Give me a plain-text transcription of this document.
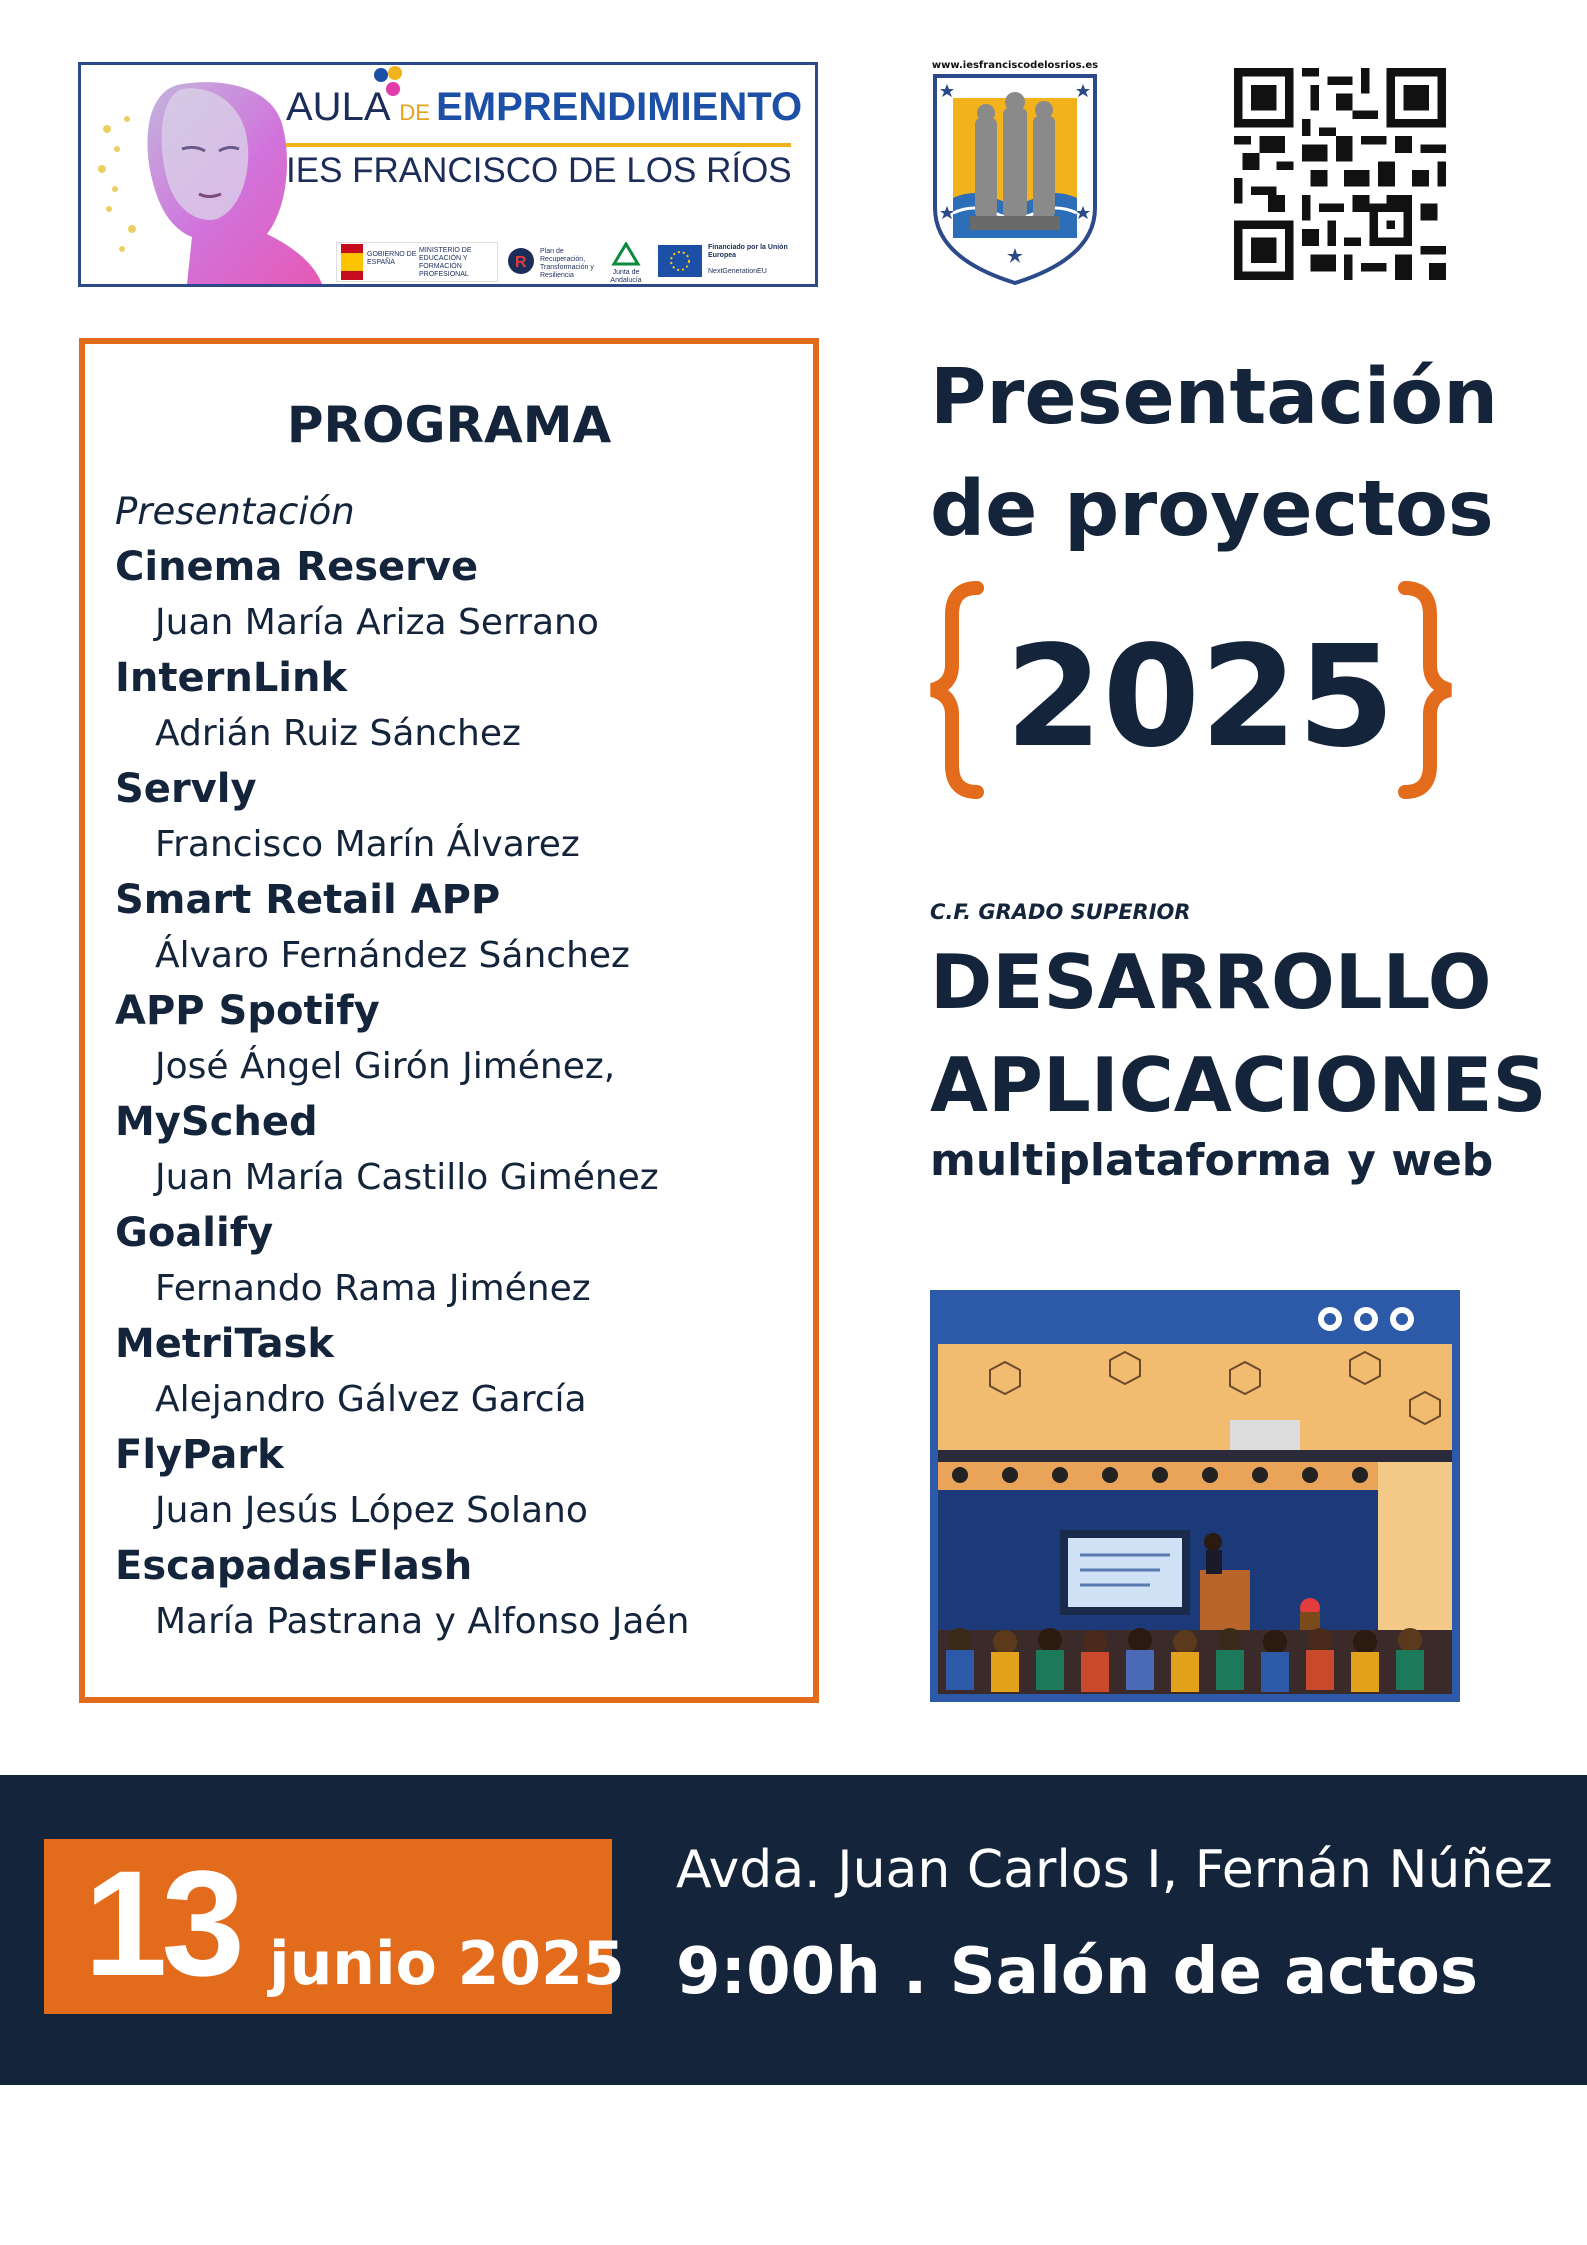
AULA DE EMPRENDIMIENTO
IES FRANCISCO DE LOS RÍOS
GOBIERNO DE ESPAÑA
MINISTERIO DE EDUCACIÓN Y FORMACIÓN PROFESIONAL
R
Plan de Recuperación, Transformación y Resiliencia	Junta de Andalucía
Financiado por la Unión Europea
NextGenerationEU
www.iesfranciscodelosrios.es
PROGRAMA
Presentación
Cinema Reserve
Juan María Ariza Serrano
InternLink
Adrián Ruiz Sánchez
Servly
Francisco Marín Álvarez
Smart Retail APP
Álvaro Fernández Sánchez
APP Spotify
José Ángel Girón Jiménez,
MySched
Juan María Castillo Giménez
Goalify
Fernando Rama Jiménez
MetriTask
Alejandro Gálvez García
FlyPark
Juan Jesús López Solano
EscapadasFlash
María Pastrana y Alfonso Jaén
Presentación
de proyectos
2025
C.F. GRADO SUPERIOR
DESARROLLO
APLICACIONES
multiplataforma y web
13 junio 2025
Avda. Juan Carlos I, Fernán Núñez
9:00h . Salón de actos
